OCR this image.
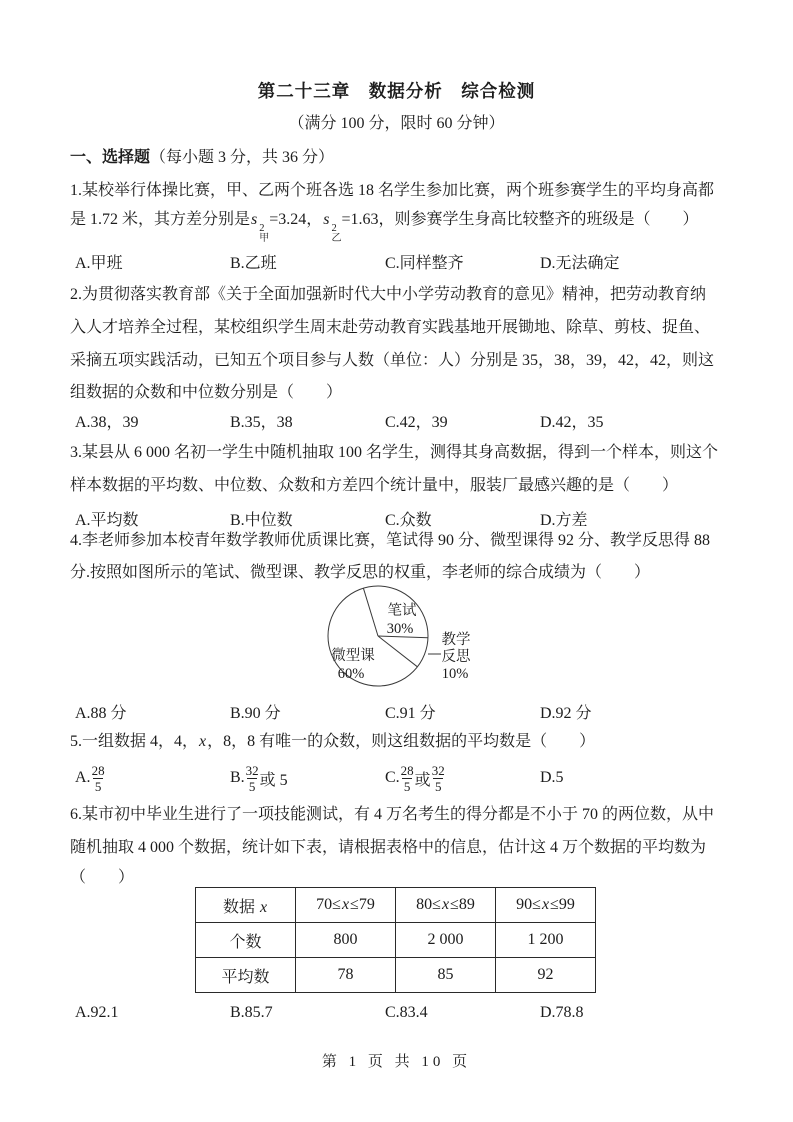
第二十三章　数据分析　综合检测
（满分 100 分，限时 60 分钟）
一、选择题（每小题 3 分，共 36 分）
1.某校举行体操比赛，甲、乙两个班各选 18 名学生参加比赛，两个班参赛学生的平均身高都
是 1.72 米，其方差分别是s
2
甲
=3.24，s
2
乙
=1.63，则参赛学生身高比较整齐的班级是（　　）
A.甲班	B.乙班	C.同样整齐	D.无法确定
2.为贯彻落实教育部《关于全面加强新时代大中小学劳动教育的意见》精神，把劳动教育纳
入人才培养全过程，某校组织学生周末赴劳动教育实践基地开展锄地、除草、剪枝、捉鱼、
采摘五项实践活动，已知五个项目参与人数（单位：人）分别是 35，38，39，42，42，则这
组数据的众数和中位数分别是（　　）
A.38，39	B.35，38	C.42，39	D.42，35
3.某县从 6 000 名初一学生中随机抽取 100 名学生，测得其身高数据，得到一个样本，则这个
样本数据的平均数、中位数、众数和方差四个统计量中，服装厂最感兴趣的是（　　）
A.平均数	B.中位数	C.众数	D.方差
4.李老师参加本校青年数学教师优质课比赛，笔试得 90 分、微型课得 92 分、教学反思得 88
分.按照如图所示的笔试、微型课、教学反思的权重，李老师的综合成绩为（　　）
笔试
30%
微型课
60%
教学
反思
10%
A.88 分	B.90 分	C.91 分	D.92 分
5.一组数据 4，4，x，8，8 有唯一的众数，则这组数据的平均数是（　　）
A. $\frac{28}{5}$	B. $\frac{32}{5}$ 或 5	C. $\frac{28}{5}$ 或 $\frac{32}{5}$	D.5
6.某市初中毕业生进行了一项技能测试，有 4 万名考生的得分都是不小于 70 的两位数，从中
随机抽取 4 000 个数据，统计如下表，请根据表格中的信息，估计这 4 万个数据的平均数为
（　　）
数据 x	70≤x≤79	80≤x≤89	90≤x≤99
个数	800	2 000	1 200
平均数	78	85	92
A.92.1	B.85.7	C.83.4	D.78.8
第 1 页 共 10 页
